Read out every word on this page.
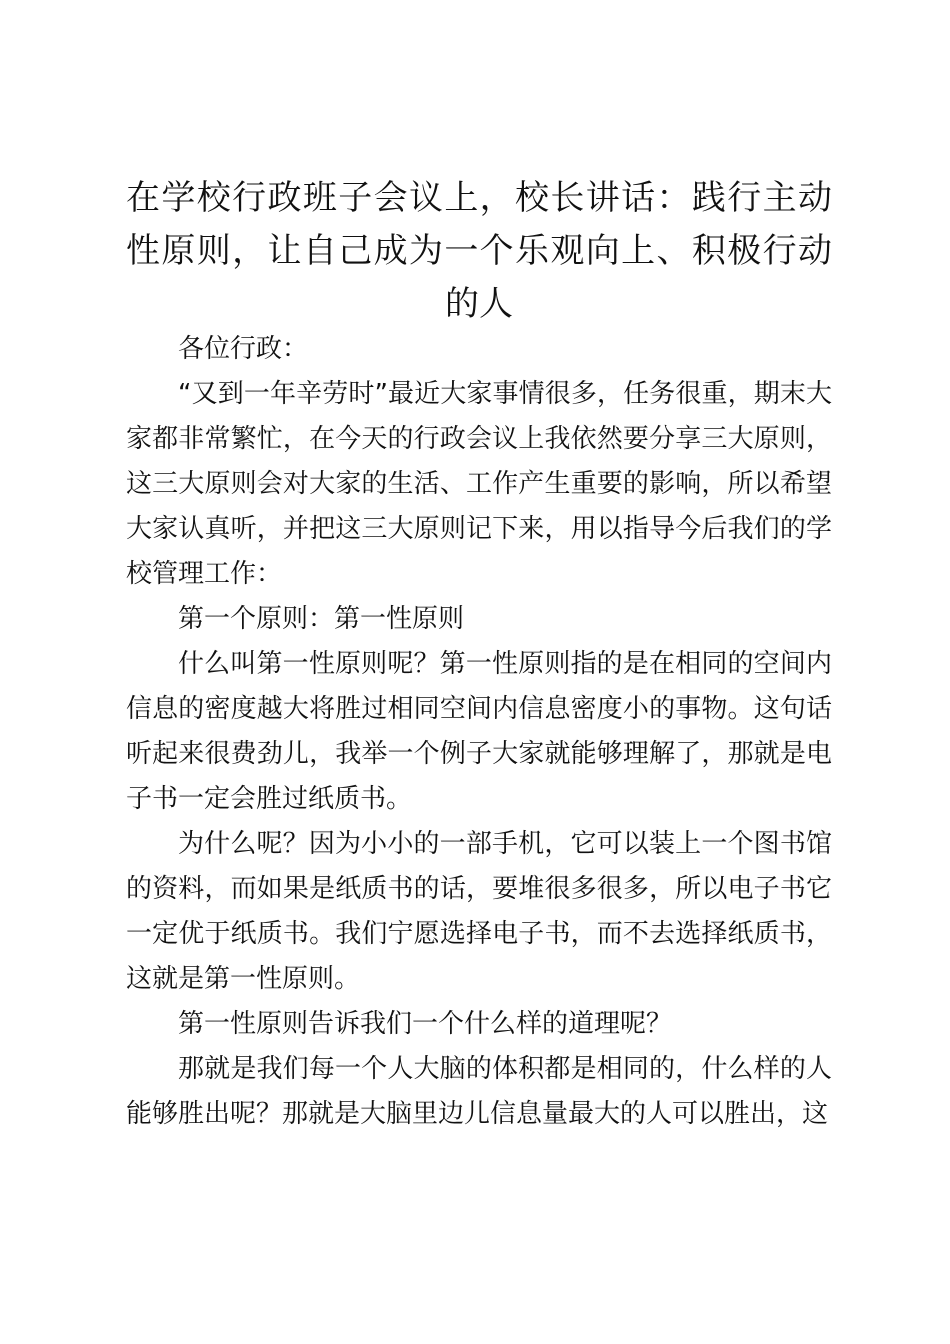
在学校行政班子会议上，校长讲话：践行主动性原则，让自己成为一个乐观向上、积极行动的人

各位行政：

“又到一年辛劳时”最近大家事情很多，任务很重，期末大家都非常繁忙，在今天的行政会议上我依然要分享三大原则，这三大原则会对大家的生活、工作产生重要的影响，所以希望大家认真听，并把这三大原则记下来，用以指导今后我们的学校管理工作：

第一个原则：第一性原则

什么叫第一性原则呢？第一性原则指的是在相同的空间内信息的密度越大将胜过相同空间内信息密度小的事物。这句话听起来很费劲儿，我举一个例子大家就能够理解了，那就是电子书一定会胜过纸质书。

为什么呢？因为小小的一部手机，它可以装上一个图书馆的资料，而如果是纸质书的话，要堆很多很多，所以电子书它一定优于纸质书。我们宁愿选择电子书，而不去选择纸质书，这就是第一性原则。

第一性原则告诉我们一个什么样的道理呢？

那就是我们每一个人大脑的体积都是相同的，什么样的人能够胜出呢？那就是大脑里边儿信息量最大的人可以胜出，这
